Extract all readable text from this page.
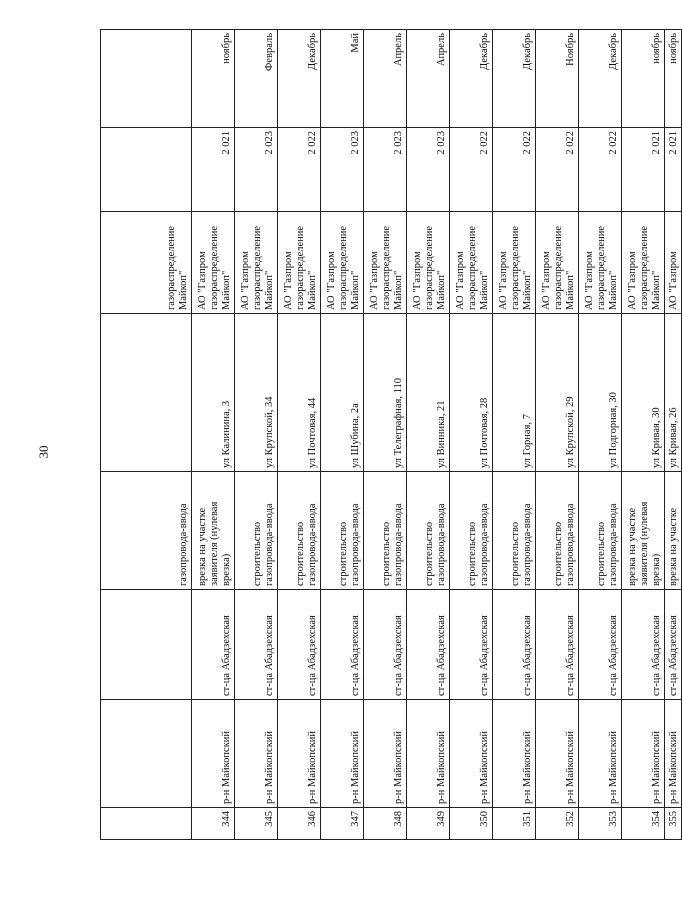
30
			газопровода-ввода		газораспределение Майкоп"		
344	р-н Майкопский	ст-ца Абадзехская	врезка на участке заявителя (нулевая врезка)	ул Калинина, 3	АО "Газпром газораспределение Майкоп"	2 021	ноябрь
345	р-н Майкопский	ст-ца Абадзехская	строительство газопровода-ввода	ул Крупской, 34	АО "Газпром газораспределение Майкоп"	2 023	Февраль
346	р-н Майкопский	ст-ца Абадзехская	строительство газопровода-ввода	ул Почтовая, 44	АО "Газпром газораспределение Майкоп"	2 022	Декабрь
347	р-н Майкопский	ст-ца Абадзехская	строительство газопровода-ввода	ул Шубина, 2а	АО "Газпром газораспределение Майкоп"	2 023	Май
348	р-н Майкопский	ст-ца Абадзехская	строительство газопровода-ввода	ул Телеграфная, 110	АО "Газпром газораспределение Майкоп"	2 023	Апрель
349	р-н Майкопский	ст-ца Абадзехская	строительство газопровода-ввода	ул Винника, 21	АО "Газпром газораспределение Майкоп"	2 023	Апрель
350	р-н Майкопский	ст-ца Абадзехская	строительство газопровода-ввода	ул Почтовая, 28	АО "Газпром газораспределение Майкоп"	2 022	Декабрь
351	р-н Майкопский	ст-ца Абадзехская	строительство газопровода-ввода	ул Горная, 7	АО "Газпром газораспределение Майкоп"	2 022	Декабрь
352	р-н Майкопский	ст-ца Абадзехская	строительство газопровода-ввода	ул Крупской, 29	АО "Газпром газораспределение Майкоп"	2 022	Ноябрь
353	р-н Майкопский	ст-ца Абадзехская	строительство газопровода-ввода	ул Подгорная, 30	АО "Газпром газораспределение Майкоп"	2 022	Декабрь
354	р-н Майкопский	ст-ца Абадзехская	врезка на участке заявителя (нулевая врезка)	ул Кривая, 30	АО "Газпром газораспределение Майкоп"	2 021	ноябрь
355	р-н Майкопский	ст-ца Абадзехская	врезка на участке	ул Кривая, 26	АО "Газпром	2 021	ноябрь
